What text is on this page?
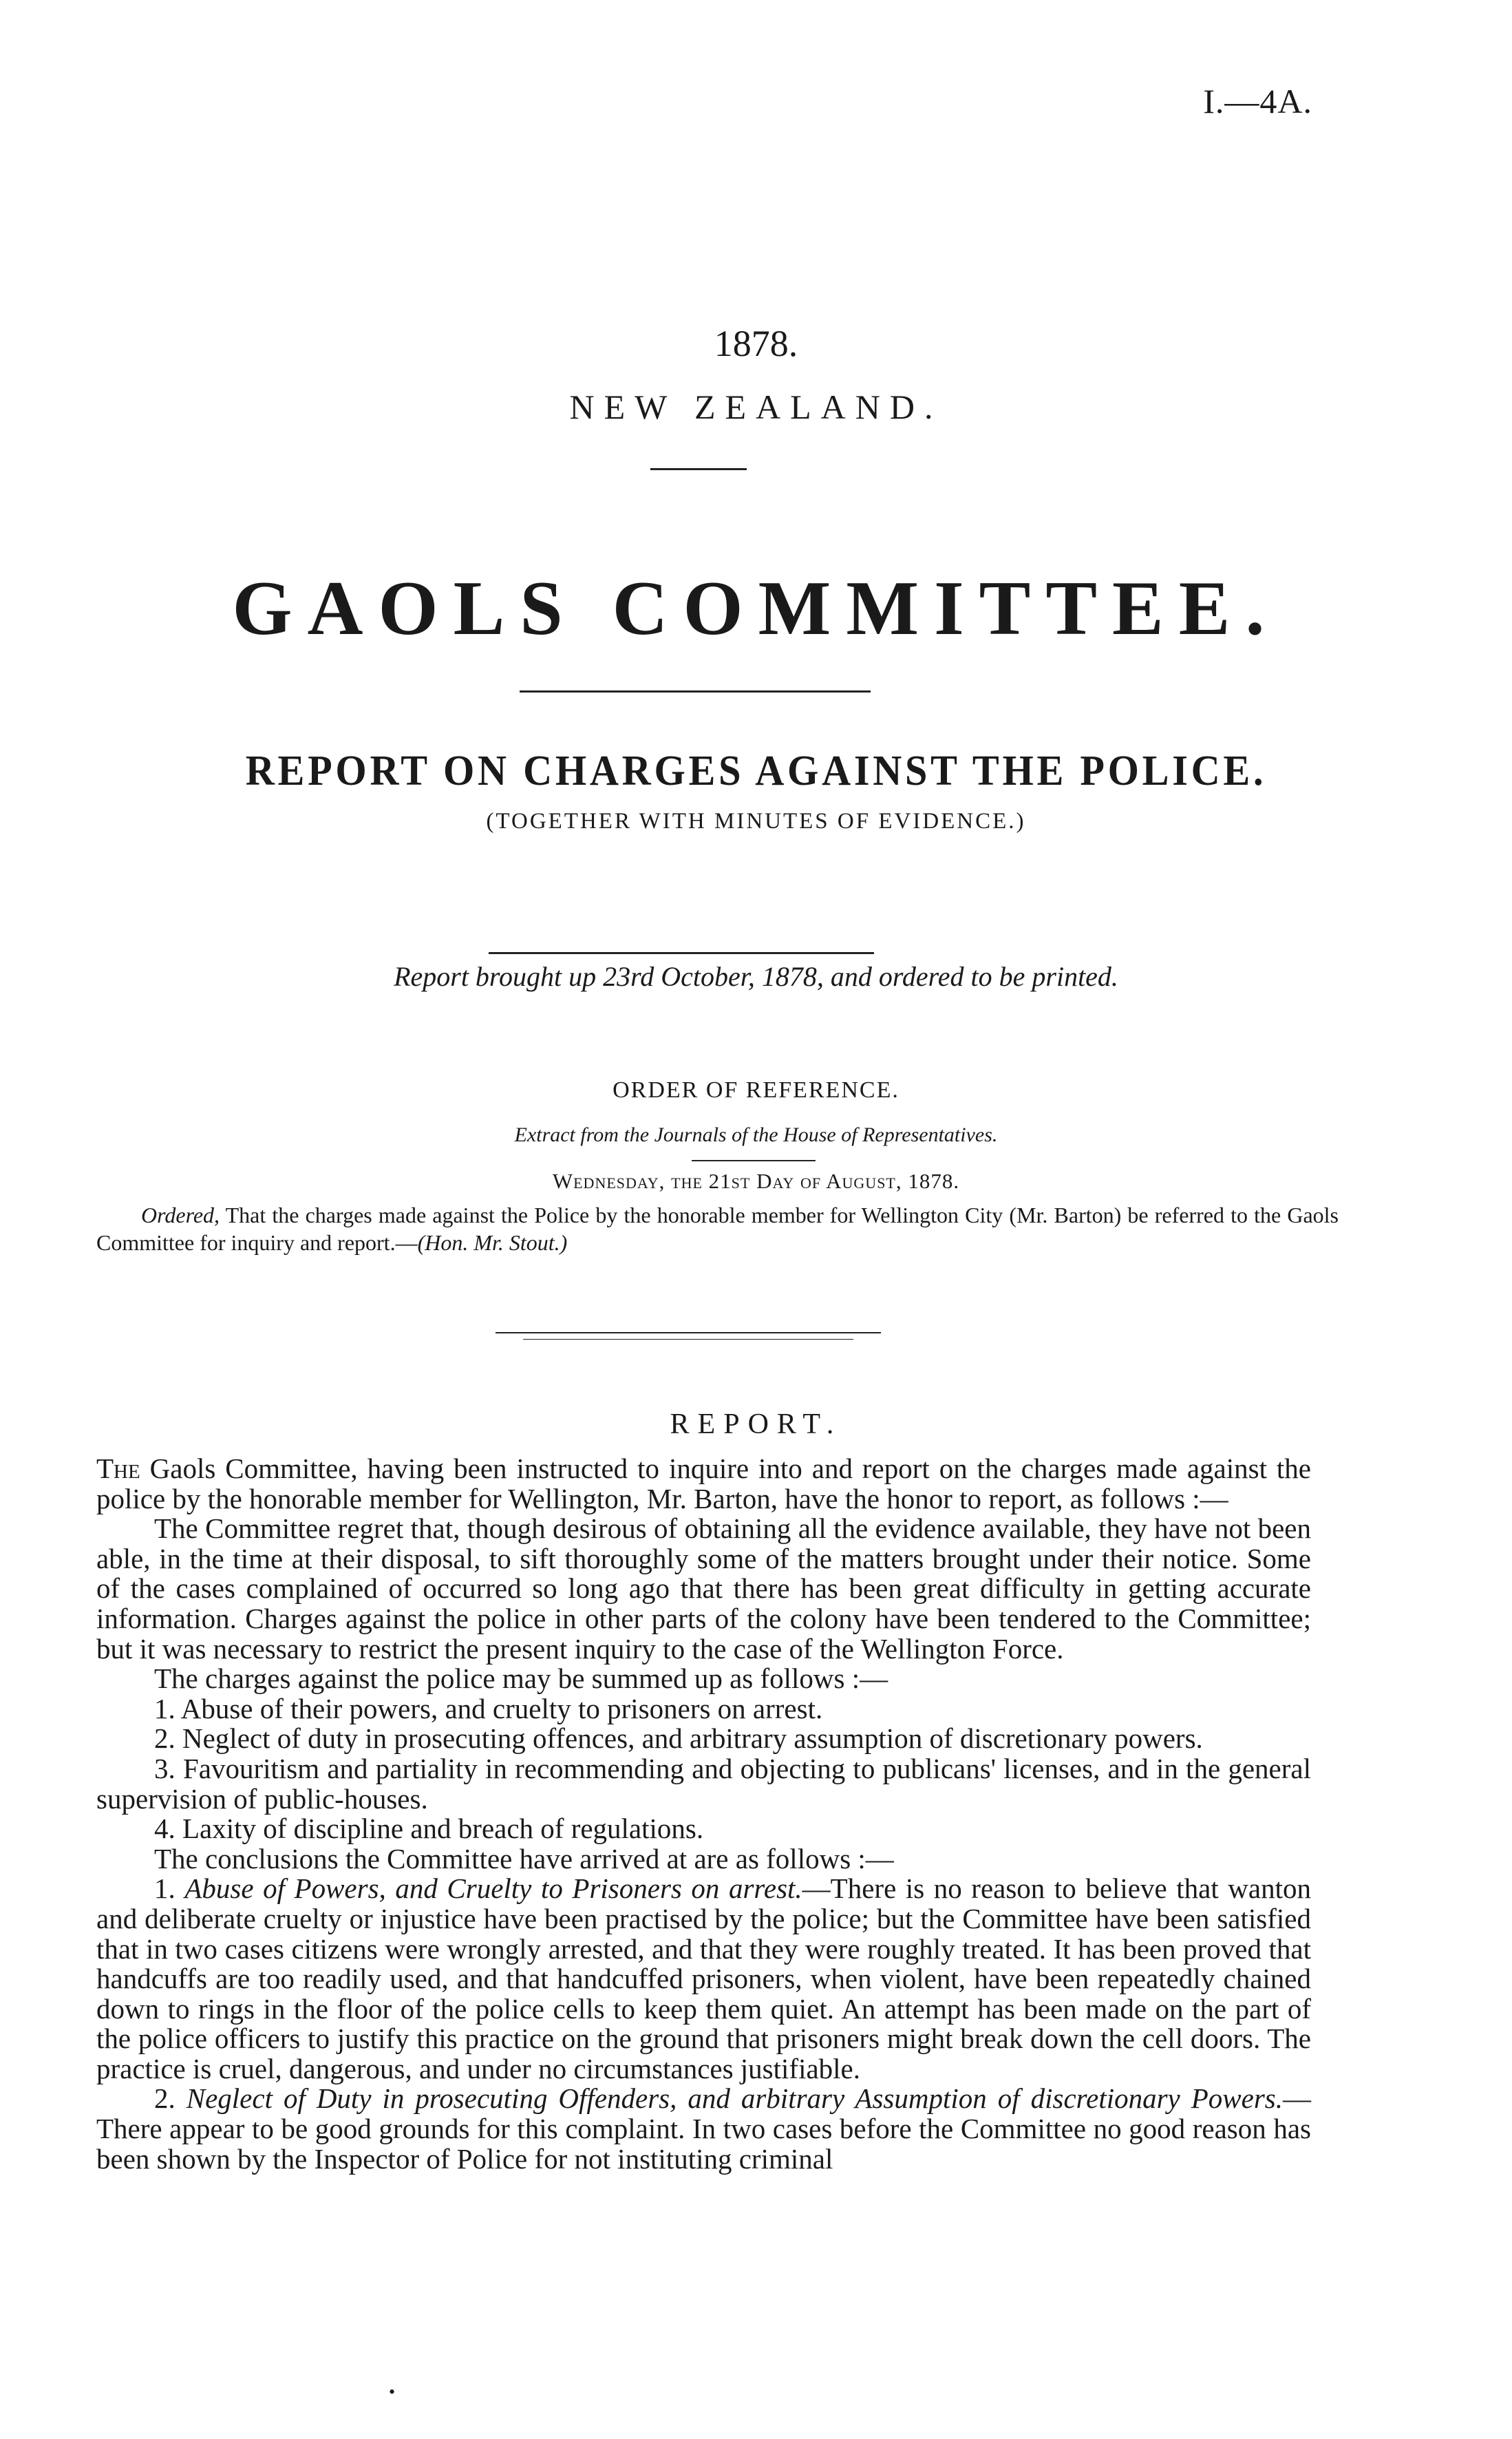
I.—4A.
1878.
NEW ZEALAND.
GAOLS COMMITTEE.
REPORT ON CHARGES AGAINST THE POLICE.
(TOGETHER WITH MINUTES OF EVIDENCE.)
Report brought up 23rd October, 1878, and ordered to be printed.
ORDER OF REFERENCE.
Extract from the Journals of the House of Representatives.
Wednesday, the 21st Day of August, 1878.
Ordered, That the charges made against the Police by the honorable member for Wellington City (Mr. Barton) be referred to the Gaols Committee for inquiry and report.—(Hon. Mr. Stout.)
REPORT.

The Gaols Committee, having been instructed to inquire into and report on the charges made against the police by the honorable member for Wellington, Mr. Barton, have the honor to report, as follows :—

The Committee regret that, though desirous of obtaining all the evidence available, they have not been able, in the time at their disposal, to sift thoroughly some of the matters brought under their notice. Some of the cases complained of occurred so long ago that there has been great difficulty in getting accurate information. Charges against the police in other parts of the colony have been tendered to the Committee; but it was necessary to restrict the present inquiry to the case of the Wellington Force.

The charges against the police may be summed up as follows :—

1. Abuse of their powers, and cruelty to prisoners on arrest.

2. Neglect of duty in prosecuting offences, and arbitrary assumption of discretionary powers.

3. Favouritism and partiality in recommending and objecting to publicans' licenses, and in the general supervision of public-houses.

4. Laxity of discipline and breach of regulations.

The conclusions the Committee have arrived at are as follows :—

1. Abuse of Powers, and Cruelty to Prisoners on arrest.—There is no reason to believe that wanton and deliberate cruelty or injustice have been practised by the police; but the Committee have been satisfied that in two cases citizens were wrongly arrested, and that they were roughly treated. It has been proved that handcuffs are too readily used, and that handcuffed prisoners, when violent, have been repeatedly chained down to rings in the floor of the police cells to keep them quiet. An attempt has been made on the part of the police officers to justify this practice on the ground that prisoners might break down the cell doors. The practice is cruel, dangerous, and under no circumstances justifiable.

2. Neglect of Duty in prosecuting Offenders, and arbitrary Assumption of discretionary Powers.—There appear to be good grounds for this complaint. In two cases before the Committee no good reason has been shown by the Inspector of Police for not instituting criminal

•
